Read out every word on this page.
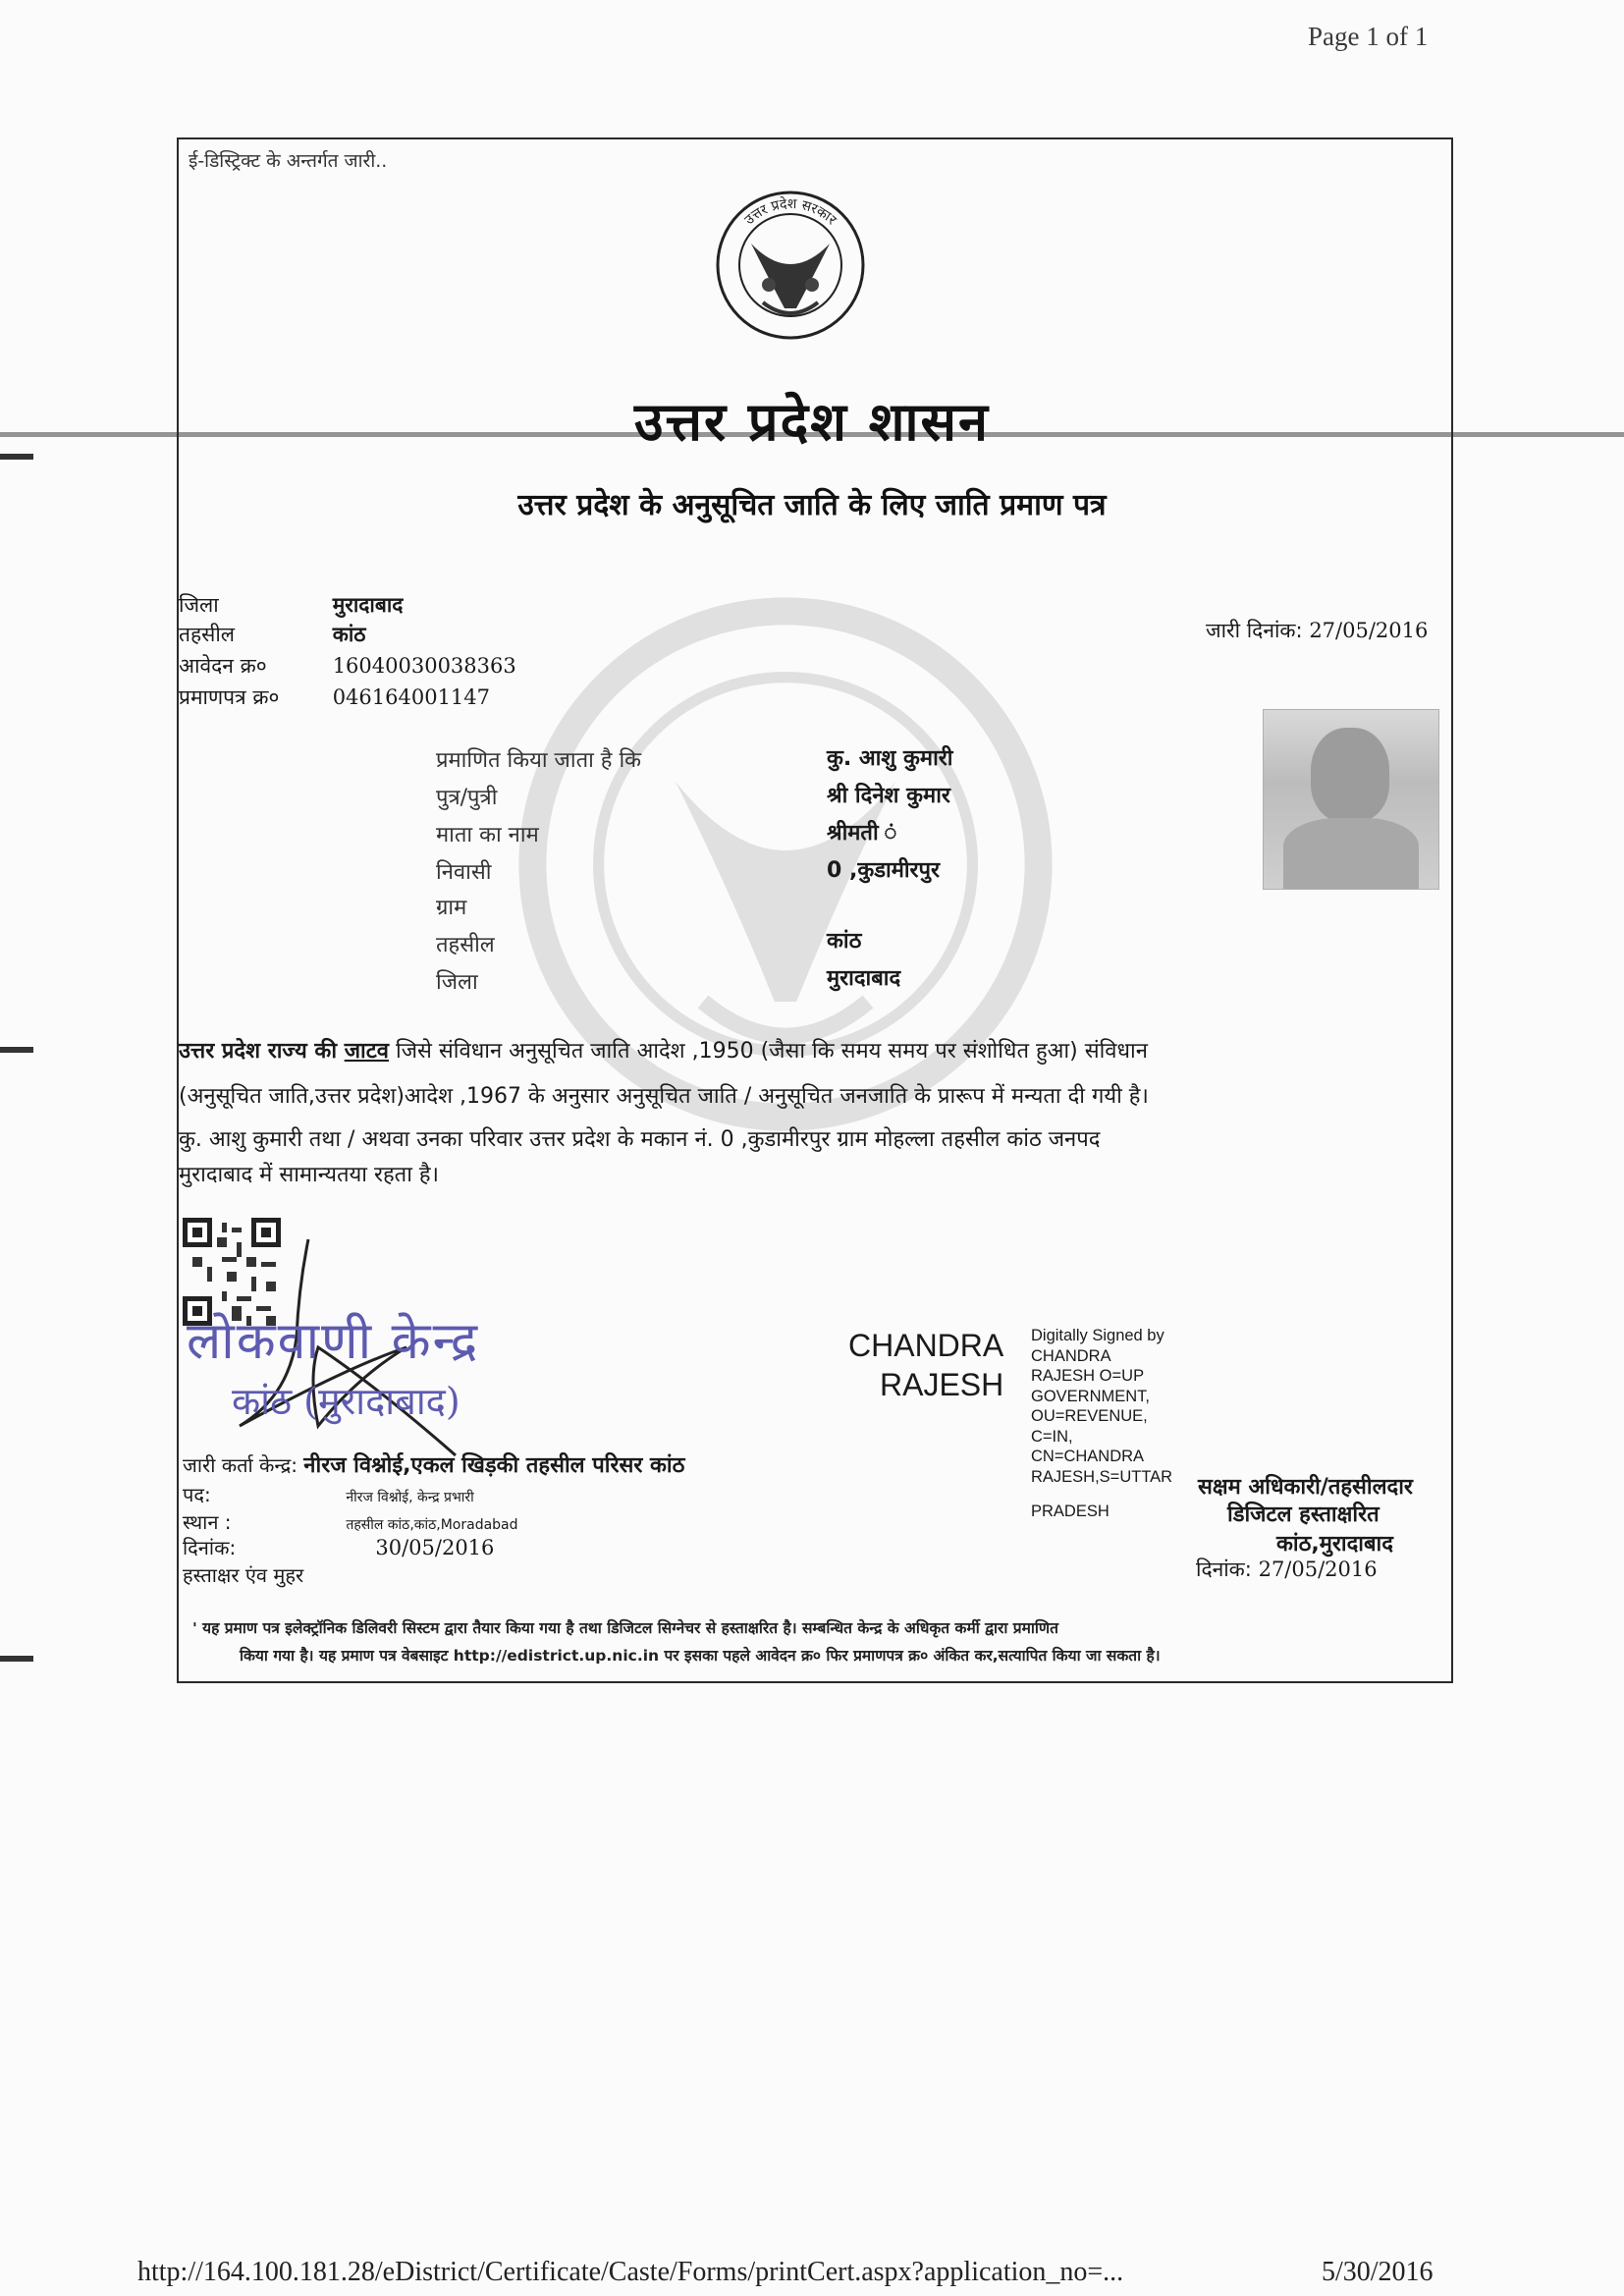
Page 1 of 1
ई-डिस्ट्रिक्ट के अन्तर्गत जारी..
उत्तर प्रदेश सरकार
उत्तर प्रदेश शासन
उत्तर प्रदेश के अनुसूचित जाति के लिए जाति प्रमाण पत्र
जिला	मुरादाबाद
तहसील	कांठ
आवेदन क्र०	16040030038363
प्रमाणपत्र क्र०	046164001147
जारी दिनांक: 27/05/2016
प्रमाणित किया जाता है कि	कु. आशु कुमारी
पुत्र/पुत्री	श्री दिनेश कुमार
माता का नाम	श्रीमती ं
निवासी	0 ,कुडामीरपुर
ग्राम
तहसील	कांठ
जिला	मुरादाबाद
उत्तर प्रदेश राज्य की जाटव जिसे संविधान अनुसूचित जाति आदेश ,1950 (जैसा कि समय समय पर संशोधित हुआ) संविधान
(अनुसूचित जाति,उत्तर प्रदेश)आदेश ,1967 के अनुसार अनुसूचित जाति / अनुसूचित जनजाति के प्रारूप में मन्यता दी गयी है।
कु. आशु कुमारी तथा / अथवा उनका परिवार उत्तर प्रदेश के मकान नं. 0 ,कुडामीरपुर ग्राम मोहल्ला तहसील कांठ जनपद
मुरादाबाद में सामान्यतया रहता है।
लोकवाणी केन्द्र
कांठ (मुरादाबाद)
CHANDRA
RAJESH
Digitally Signed by
CHANDRA
RAJESH O=UP
GOVERNMENT,
OU=REVENUE,
C=IN,
CN=CHANDRA
RAJESH,S=UTTAR
PRADESH
सक्षम अधिकारी/तहसीलदार
डिजिटल हस्ताक्षरित
कांठ,मुरादाबाद
दिनांक: 27/05/2016
जारी कर्ता केन्द्र: नीरज विश्नोई,एकल खिड़की तहसील परिसर कांठ
पद:	नीरज विश्नोई, केन्द्र प्रभारी
स्थान :	तहसील कांठ,कांठ,Moradabad
दिनांक:	30/05/2016
हस्ताक्षर एंव मुहर
' यह प्रमाण पत्र इलेक्ट्रॉनिक डिलिवरी सिस्टम द्वारा तैयार किया गया है तथा डिजिटल सिग्नेचर से हस्ताक्षरित है। सम्बन्धित केन्द्र के अधिकृत कर्मी द्वारा प्रमाणित
किया गया है। यह प्रमाण पत्र वेबसाइट http://edistrict.up.nic.in पर इसका पहले आवेदन क्र० फिर प्रमाणपत्र क्र० अंकित कर,सत्यापित किया जा सकता है।
http://164.100.181.28/eDistrict/Certificate/Caste/Forms/printCert.aspx?application_no=...	5/30/2016
